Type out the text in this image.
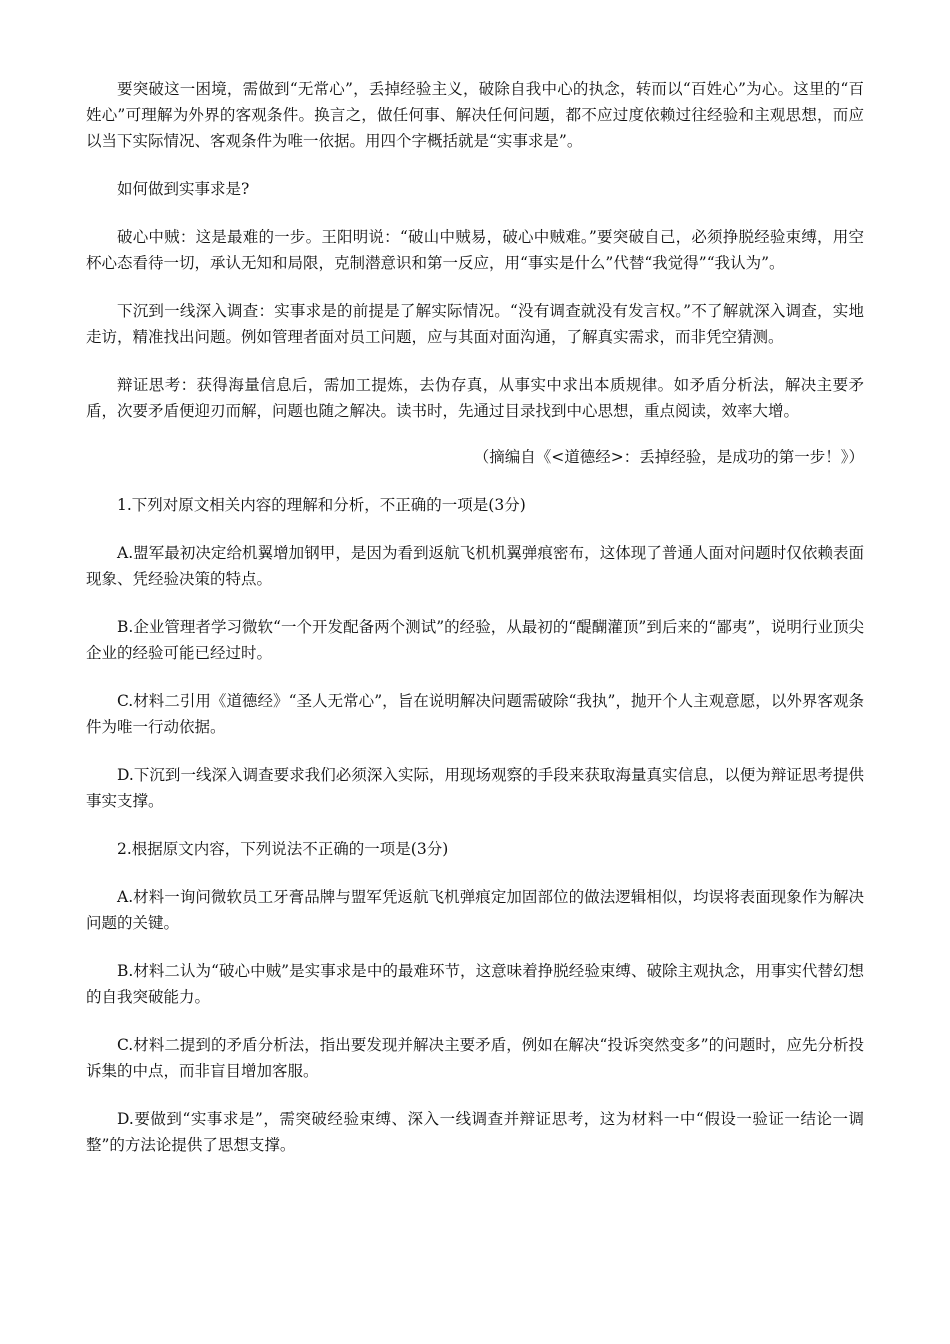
要突破这一困境，需做到“无常心”，丢掉经验主义，破除自我中心的执念，转而以“百姓心”为心。这里的“百姓心”可理解为外界的客观条件。换言之，做任何事、解决任何问题，都不应过度依赖过往经验和主观思想，而应以当下实际情况、客观条件为唯一依据。用四个字概括就是“实事求是”。

如何做到实事求是?

破心中贼：这是最难的一步。王阳明说：“破山中贼易，破心中贼难。”要突破自己，必须挣脱经验束缚，用空杯心态看待一切，承认无知和局限，克制潜意识和第一反应，用“事实是什么”代替“我觉得”“我认为”。

下沉到一线深入调查：实事求是的前提是了解实际情况。“没有调查就没有发言权。”不了解就深入调查，实地走访，精准找出问题。例如管理者面对员工问题，应与其面对面沟通，了解真实需求，而非凭空猜测。

辩证思考：获得海量信息后，需加工提炼，去伪存真，从事实中求出本质规律。如矛盾分析法，解决主要矛盾，次要矛盾便迎刃而解，问题也随之解决。读书时，先通过目录找到中心思想，重点阅读，效率大增。

（摘编自《<道德经>：丢掉经验，是成功的第一步！》）

1.下列对原文相关内容的理解和分析，不正确的一项是(3分)

A.盟军最初决定给机翼增加钢甲，是因为看到返航飞机机翼弹痕密布，这体现了普通人面对问题时仅依赖表面现象、凭经验决策的特点。

B.企业管理者学习微软“一个开发配备两个测试”的经验，从最初的“醍醐灌顶”到后来的“鄙夷”，说明行业顶尖企业的经验可能已经过时。

C.材料二引用《道德经》“圣人无常心”，旨在说明解决问题需破除“我执”，抛开个人主观意愿，以外界客观条件为唯一行动依据。

D.下沉到一线深入调查要求我们必须深入实际，用现场观察的手段来获取海量真实信息，以便为辩证思考提供事实支撑。

2.根据原文内容，下列说法不正确的一项是(3分)

A.材料一询问微软员工牙膏品牌与盟军凭返航飞机弹痕定加固部位的做法逻辑相似，均误将表面现象作为解决问题的关键。

B.材料二认为“破心中贼”是实事求是中的最难环节，这意味着挣脱经验束缚、破除主观执念，用事实代替幻想的自我突破能力。

C.材料二提到的矛盾分析法，指出要发现并解决主要矛盾，例如在解决“投诉突然变多”的问题时，应先分析投诉集的中点，而非盲目增加客服。

D.要做到“实事求是”，需突破经验束缚、深入一线调查并辩证思考，这为材料一中“假设一验证一结论一调整”的方法论提供了思想支撑。
